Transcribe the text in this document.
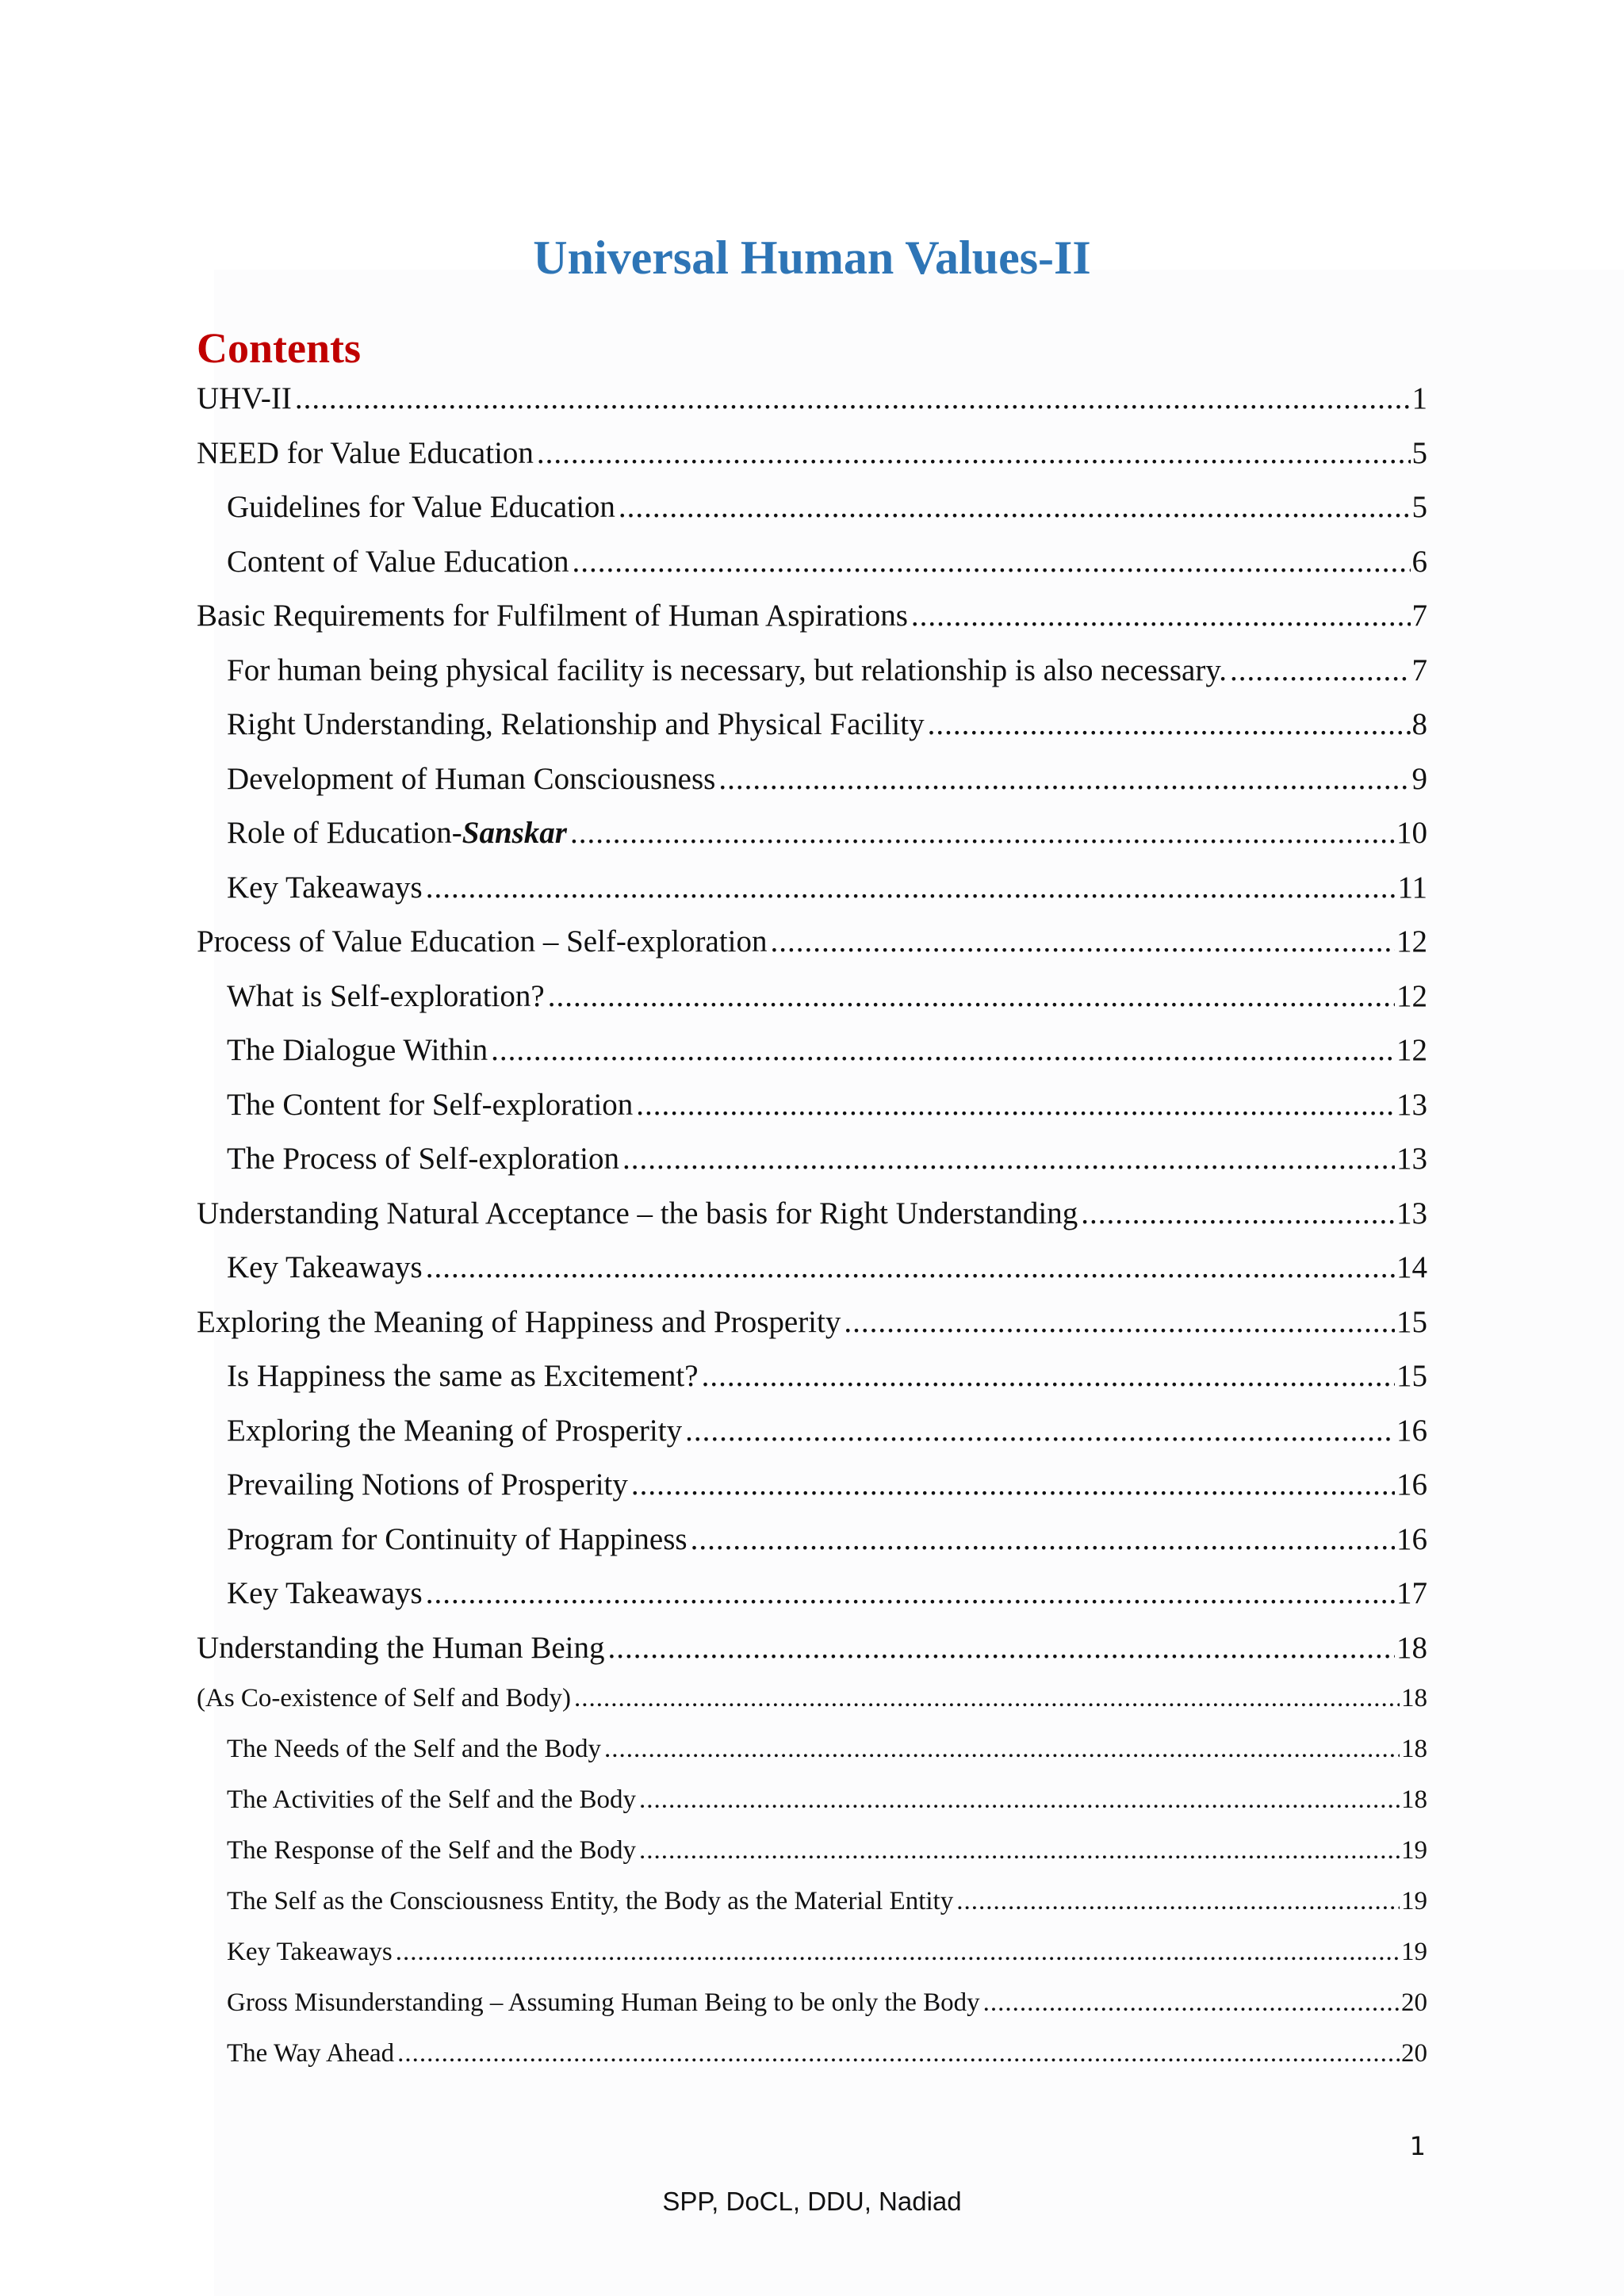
Universal Human Values-II
Contents
UHV-II .....	1
NEED for Value Education .....	5
Guidelines for Value Education .....	5
Content of Value Education .....	6
Basic Requirements for Fulfilment of Human Aspirations .....	7
For human being physical facility is necessary, but relationship is also necessary. .....	7
Right Understanding, Relationship and Physical Facility .....	8
Development of Human Consciousness .....	9
Role of Education-Sanskar .....	10
Key Takeaways .....	11
Process of Value Education – Self-exploration .....	12
What is Self-exploration? .....	12
The Dialogue Within .....	12
The Content for Self-exploration .....	13
The Process of Self-exploration .....	13
Understanding Natural Acceptance – the basis for Right Understanding .....	13
Key Takeaways .....	14
Exploring the Meaning of Happiness and Prosperity .....	15
Is Happiness the same as Excitement? .....	15
Exploring the Meaning of Prosperity .....	16
Prevailing Notions of Prosperity .....	16
Program for Continuity of Happiness .....	16
Key Takeaways .....	17
Understanding the Human Being .....	18
(As Co-existence of Self and Body) .....	18
The Needs of the Self and the Body .....	18
The Activities of the Self and the Body .....	18
The Response of the Self and the Body .....	19
The Self as the Consciousness Entity, the Body as the Material Entity .....	19
Key Takeaways .....	19
Gross Misunderstanding – Assuming Human Being to be only the Body .....	20
The Way Ahead .....	20
1
SPP, DoCL, DDU, Nadiad
